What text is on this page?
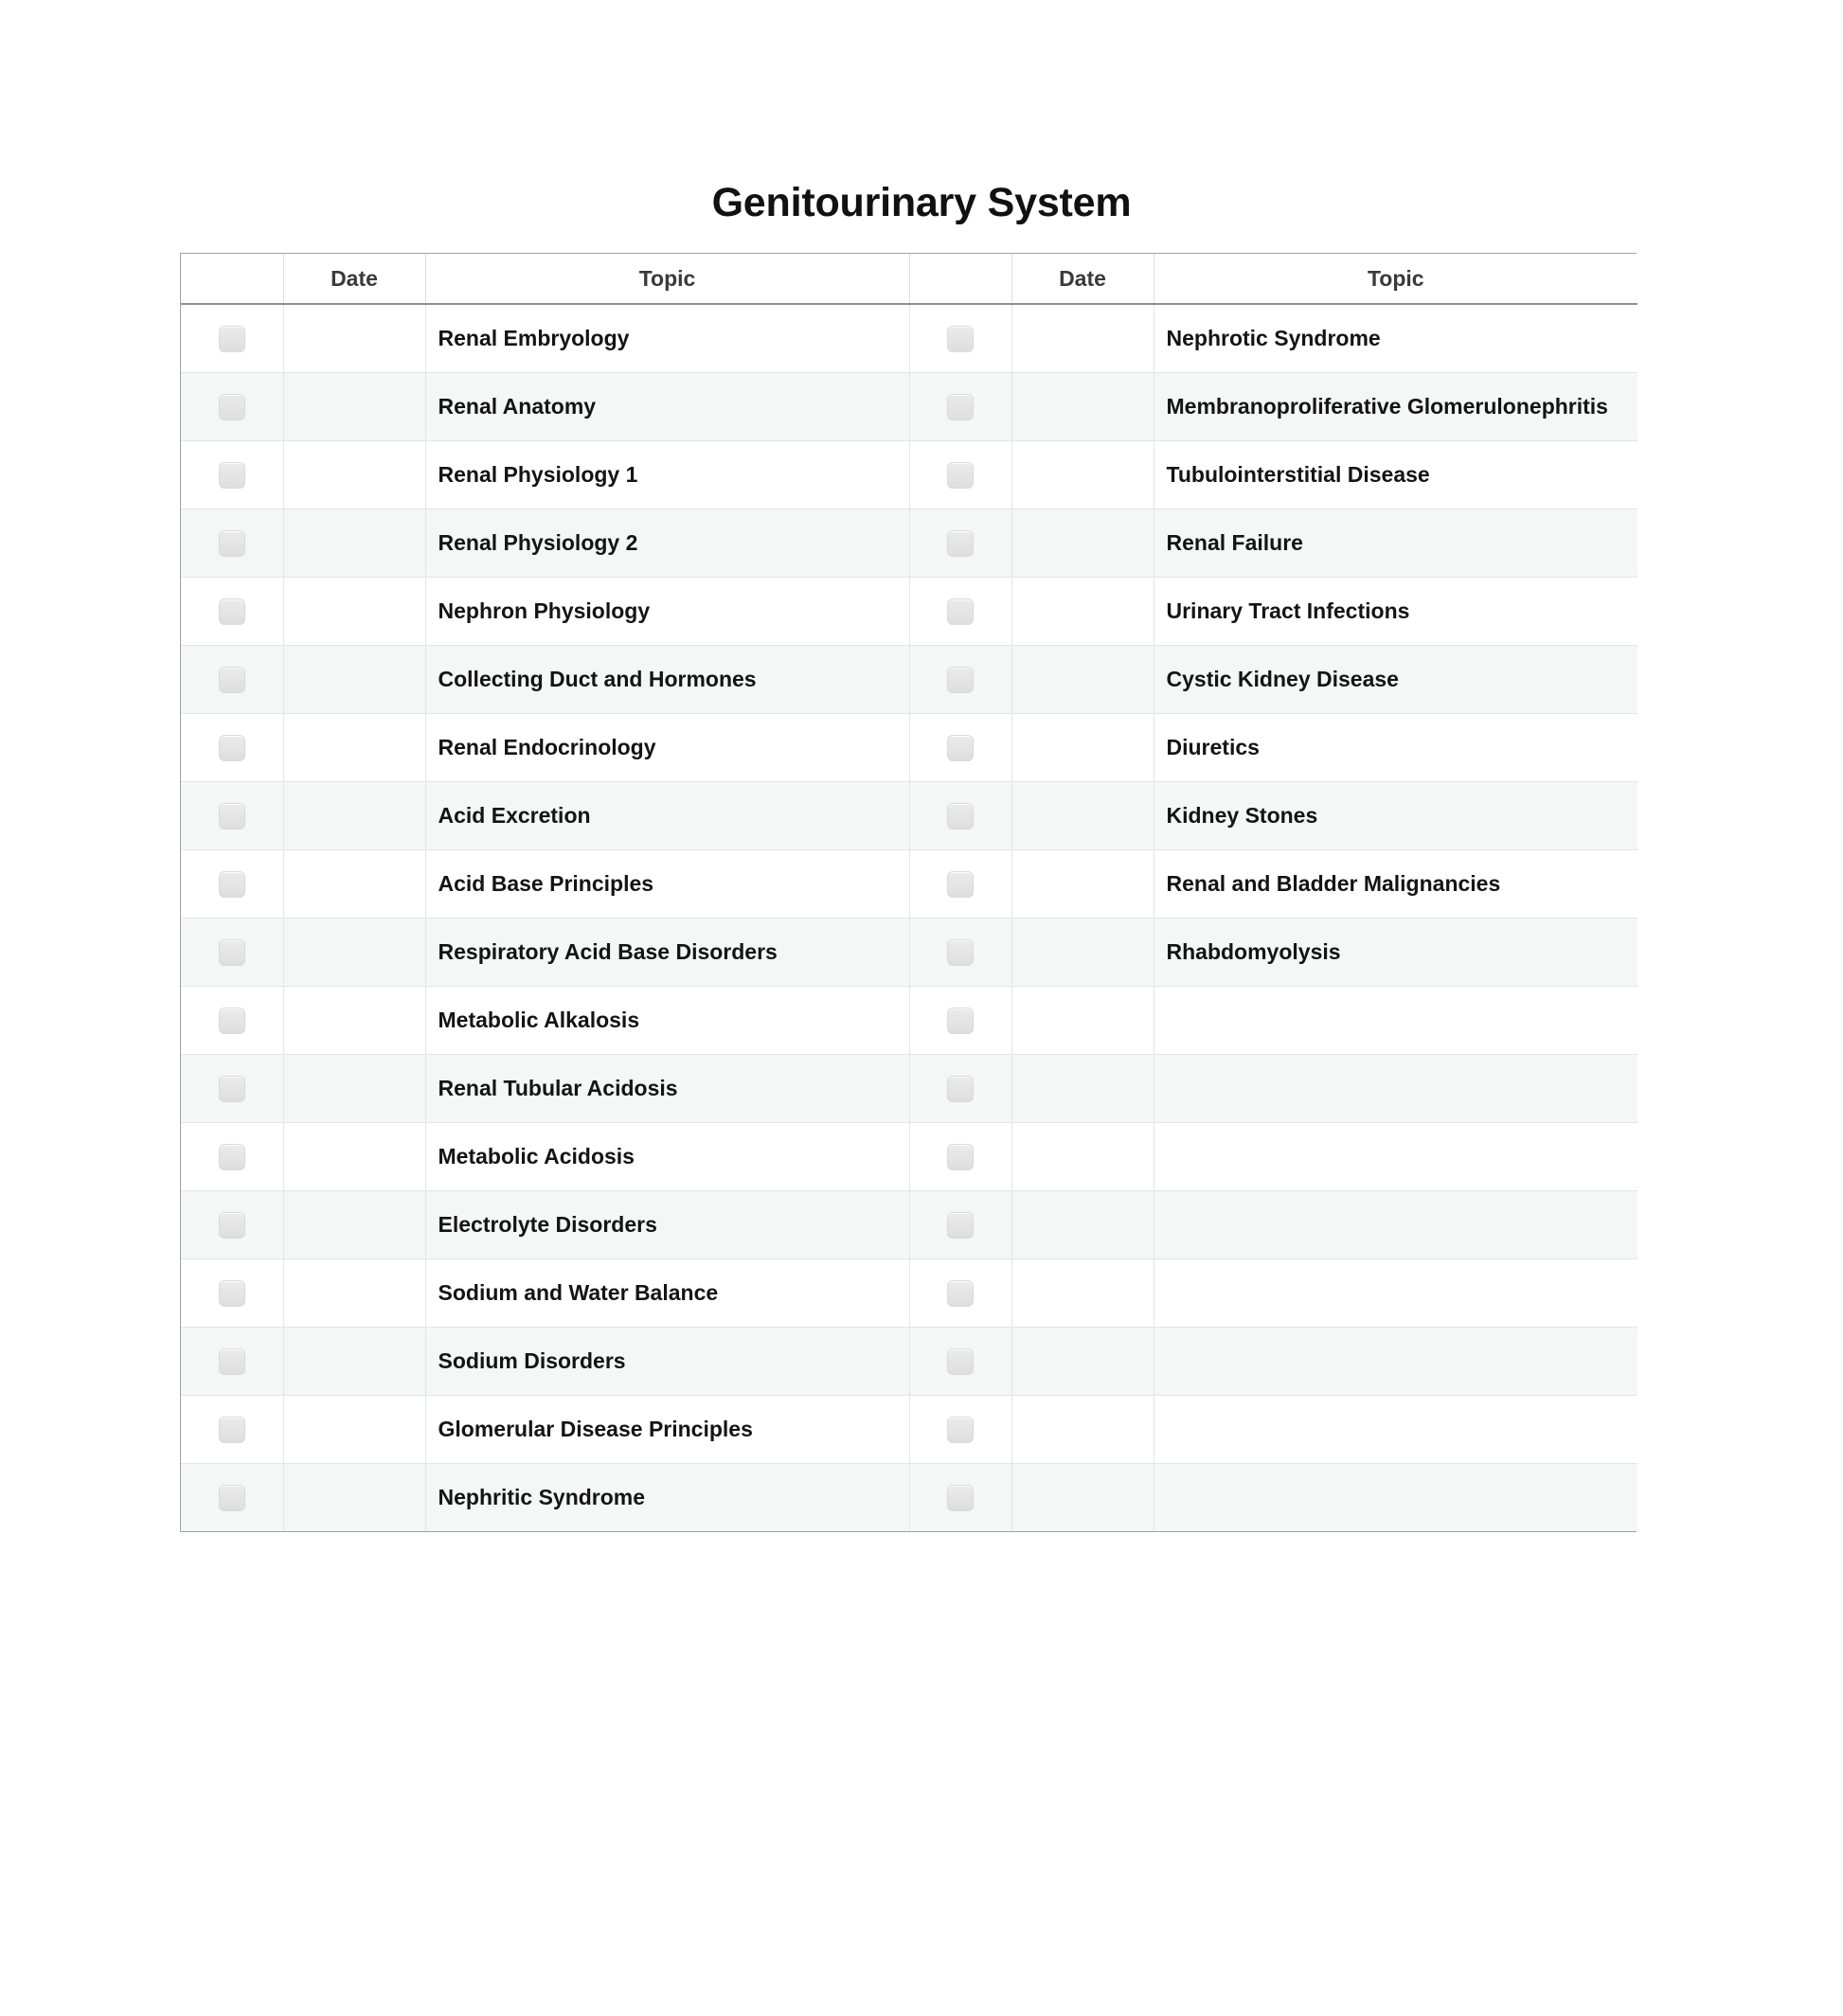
Genitourinary System
	Date	Topic		Date	Topic
		Renal Embryology			Nephrotic Syndrome
		Renal Anatomy			Membranoproliferative Glomerulonephritis
		Renal Physiology 1			Tubulointerstitial Disease
		Renal Physiology 2			Renal Failure
		Nephron Physiology			Urinary Tract Infections
		Collecting Duct and Hormones			Cystic Kidney Disease
		Renal Endocrinology			Diuretics
		Acid Excretion			Kidney Stones
		Acid Base Principles			Renal and Bladder Malignancies
		Respiratory Acid Base Disorders			Rhabdomyolysis
		Metabolic Alkalosis			
		Renal Tubular Acidosis			
		Metabolic Acidosis			
		Electrolyte Disorders			
		Sodium and Water Balance			
		Sodium Disorders			
		Glomerular Disease Principles			
		Nephritic Syndrome			
